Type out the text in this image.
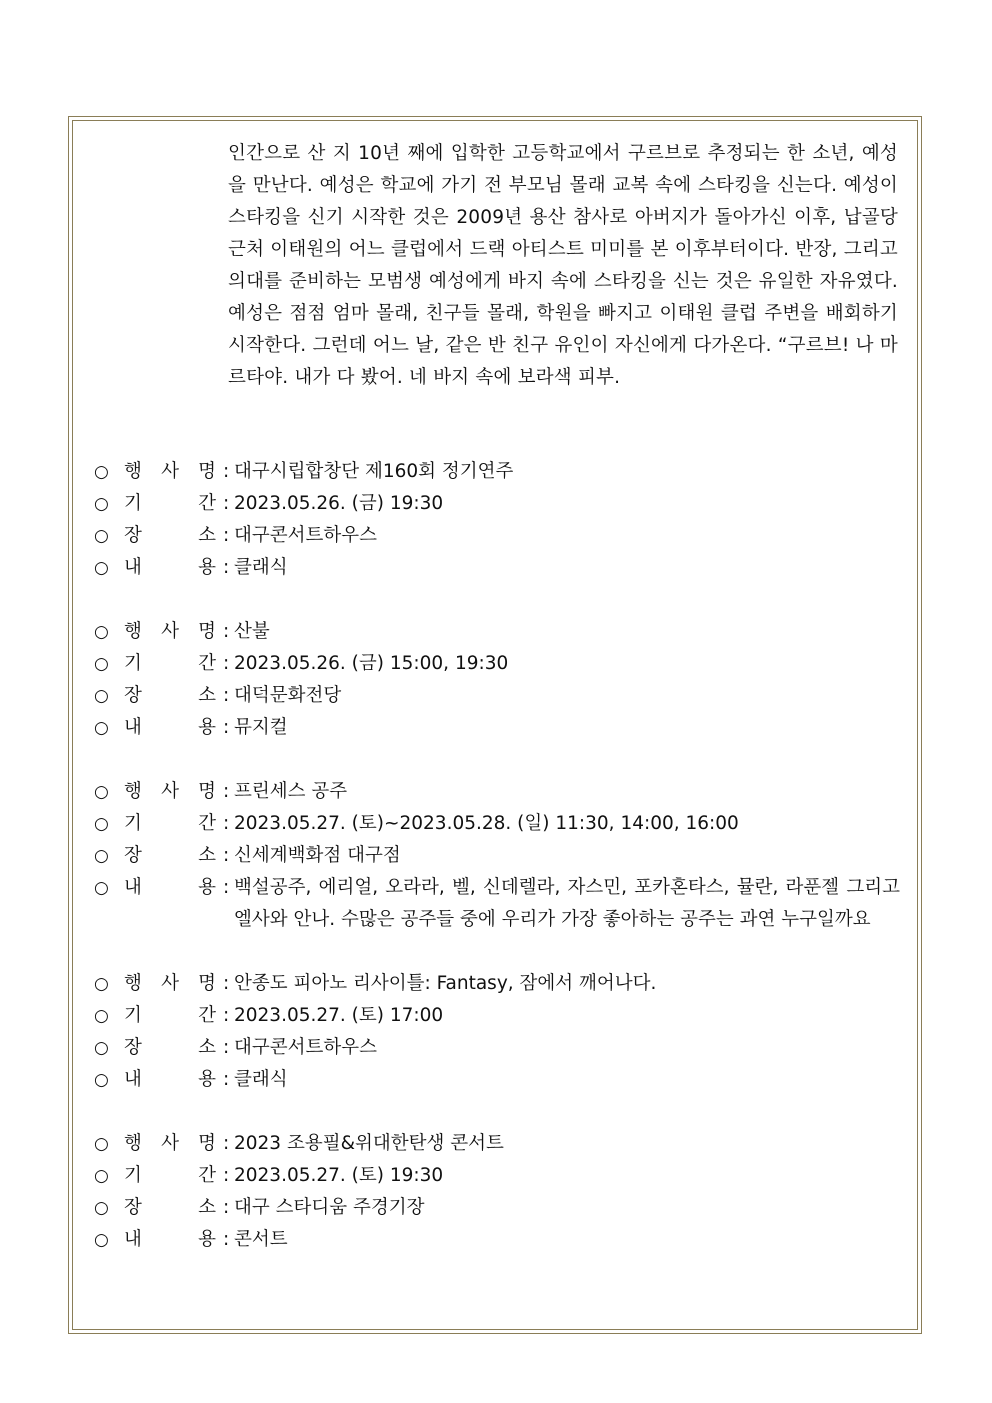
인간으로 산 지 10년 째에 입학한 고등학교에서 구르브로 추정되는 한 소년, 예성을 만난다. 예성은 학교에 가기 전 부모님 몰래 교복 속에 스타킹을 신는다. 예성이 스타킹을 신기 시작한 것은 2009년 용산 참사로 아버지가 돌아가신 이후, 납골당 근처 이태원의 어느 클럽에서 드랙 아티스트 미미를 본 이후부터이다. 반장, 그리고 의대를 준비하는 모범생 예성에게 바지 속에 스타킹을 신는 것은 유일한 자유였다. 예성은 점점 엄마 몰래, 친구들 몰래, 학원을 빠지고 이태원 클럽 주변을 배회하기 시작한다. 그런데 어느 날, 같은 반 친구 유인이 자신에게 다가온다. “구르브! 나 마르타야. 내가 다 봤어. 네 바지 속에 보라색 피부.

○ 행 사 명 : 대구시립합창단 제160회 정기연주
○ 기	간 : 2023.05.26. (금) 19:30
○ 장	소 : 대구콘서트하우스
○ 내	용 : 클래식
○ 행 사 명 : 산불
○ 기	간 : 2023.05.26. (금) 15:00, 19:30
○ 장	소 : 대덕문화전당
○ 내	용 : 뮤지컬
○ 행 사 명 : 프린세스 공주
○ 기	간 : 2023.05.27. (토)~2023.05.28. (일) 11:30, 14:00, 16:00
○ 장	소 : 신세계백화점 대구점
○ 내	용 : 백설공주, 에리얼, 오라라, 벨, 신데렐라, 자스민, 포카혼타스, 뮬란, 라푼젤 그리고 엘사와 안나. 수많은 공주들 중에 우리가 가장 좋아하는 공주는 과연 누구일까요
○ 행 사 명 : 안종도 피아노 리사이틀: Fantasy, 잠에서 깨어나다.
○ 기	간 : 2023.05.27. (토) 17:00
○ 장	소 : 대구콘서트하우스
○ 내	용 : 클래식
○ 행 사 명 : 2023 조용필&위대한탄생 콘서트
○ 기	간 : 2023.05.27. (토) 19:30
○ 장	소 : 대구 스타디움 주경기장
○ 내	용 : 콘서트
